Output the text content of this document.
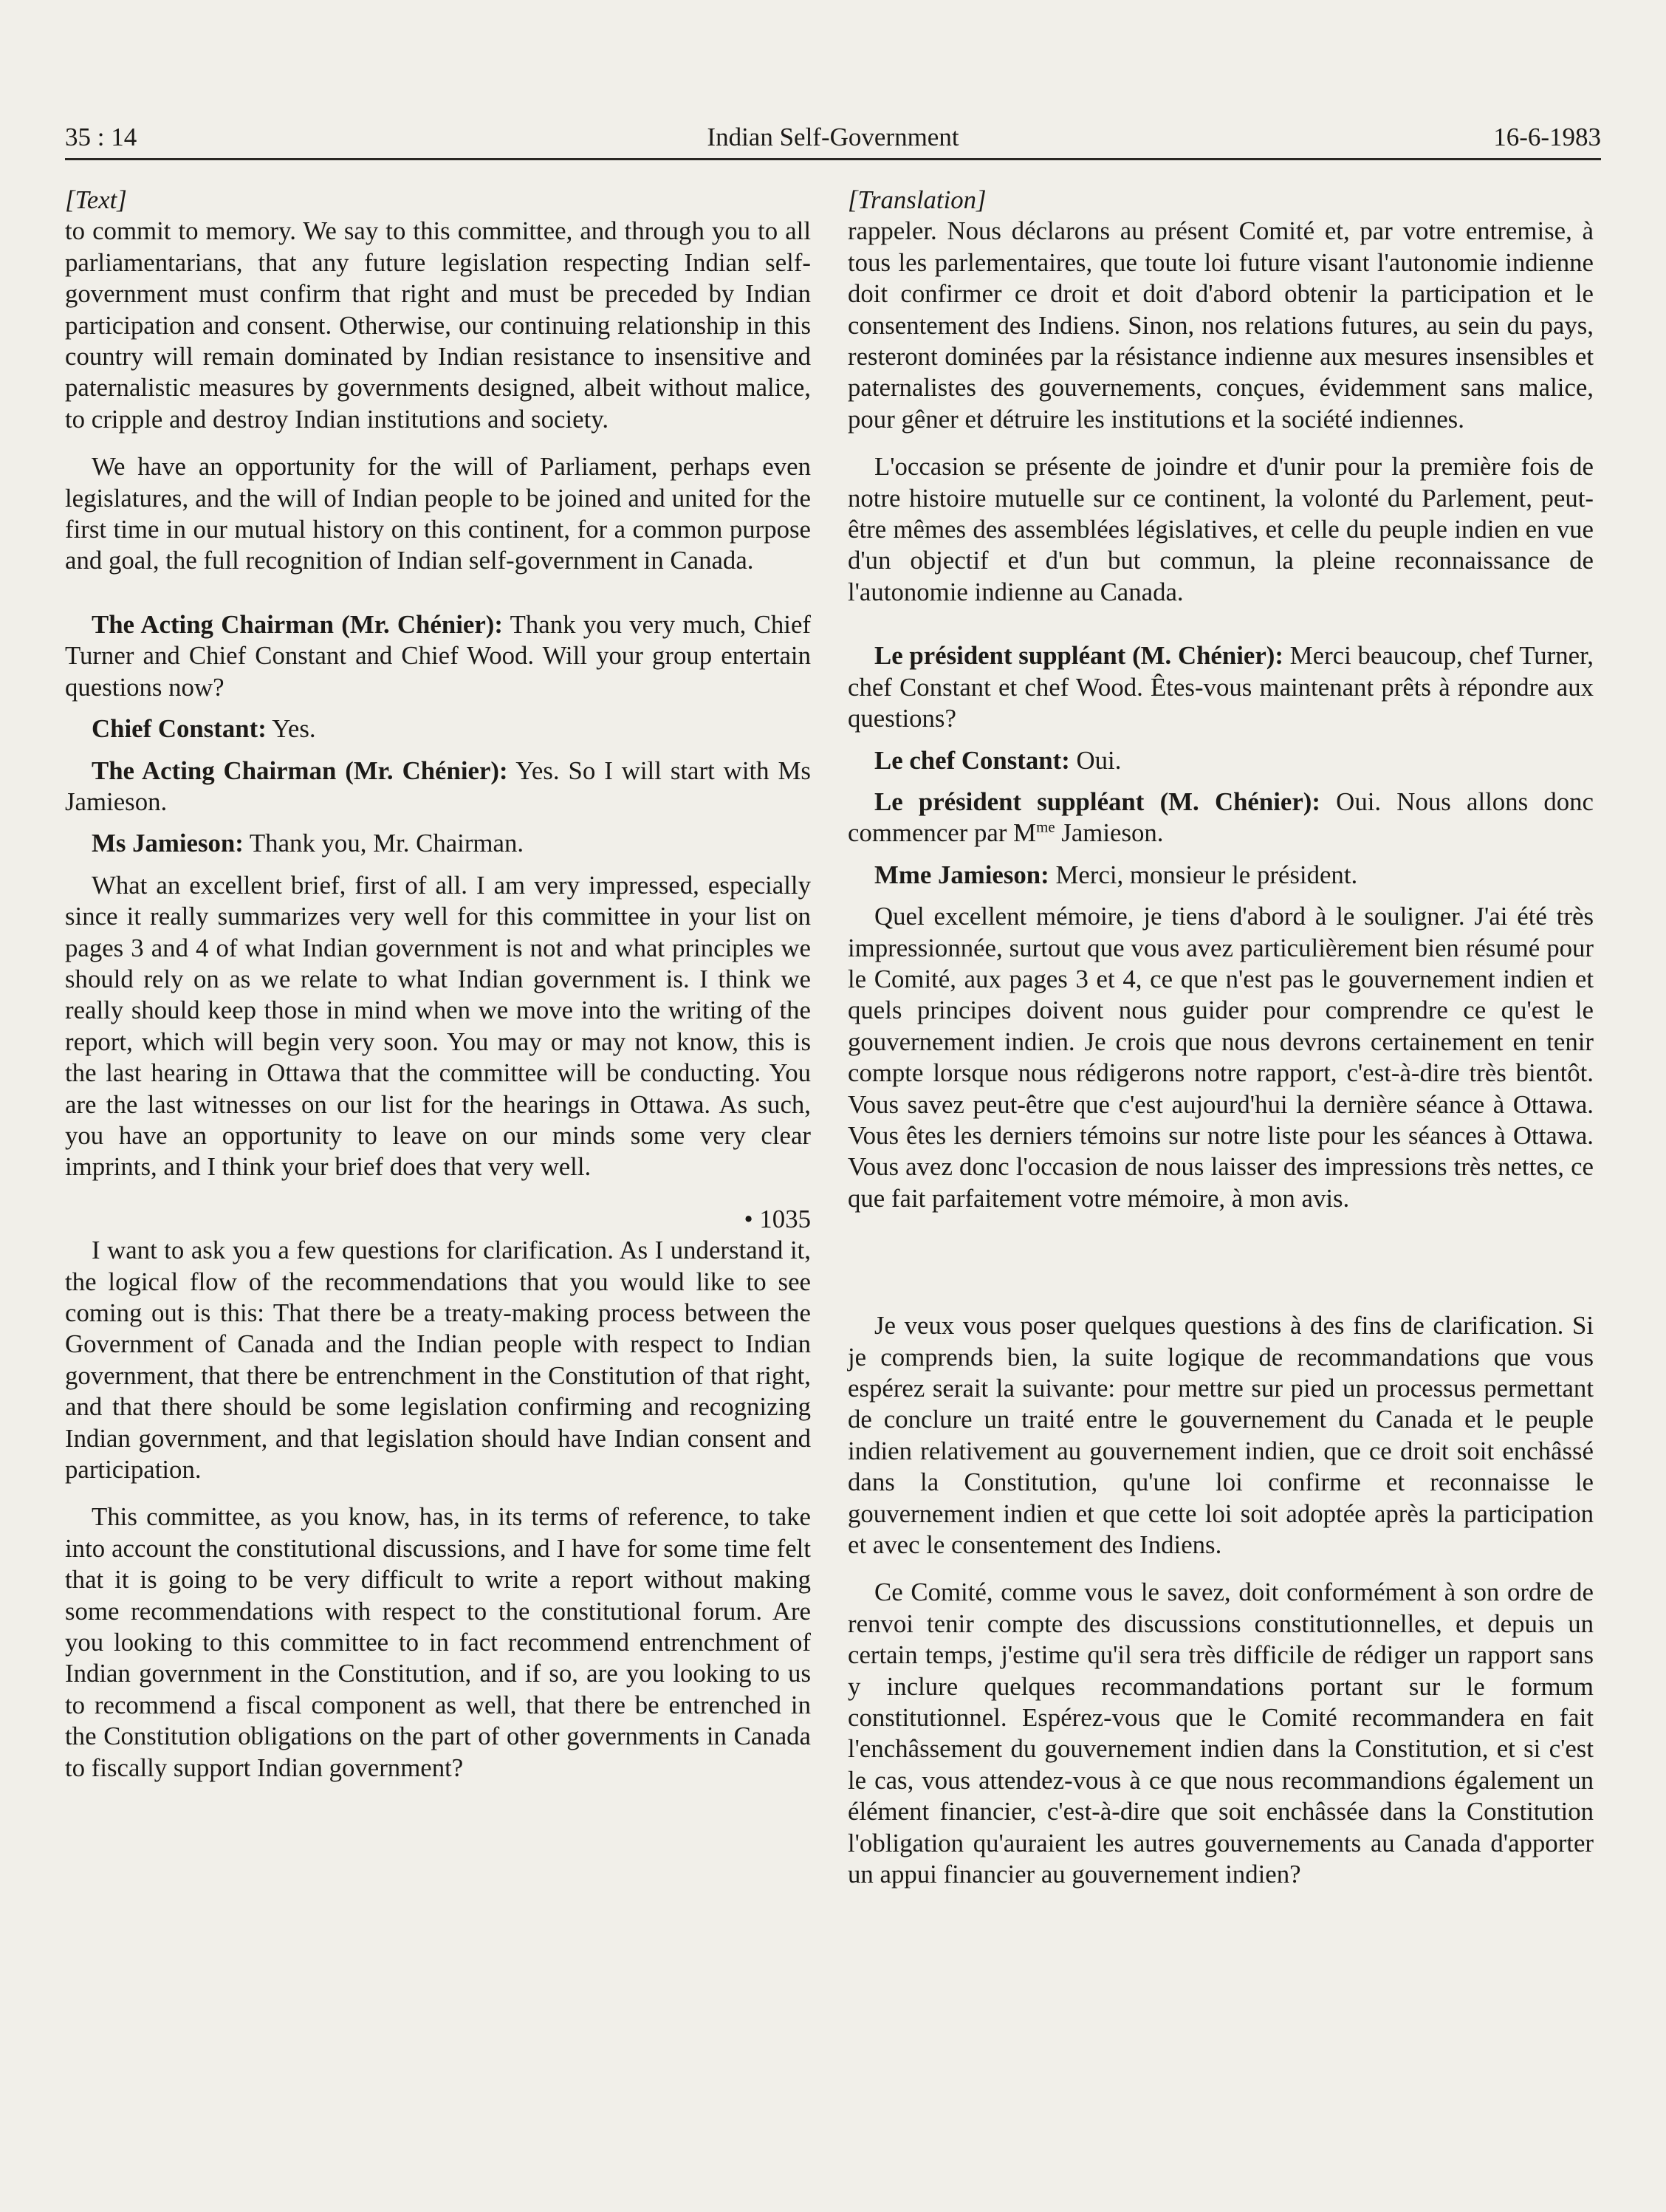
35 : 14	Indian Self-Government	16-6-1983

[Text]

to commit to memory. We say to this committee, and through you to all parliamentarians, that any future legislation respecting Indian self-government must confirm that right and must be preceded by Indian participation and consent. Otherwise, our continuing relationship in this country will remain dominated by Indian resistance to insensitive and paternalistic measures by governments designed, albeit without malice, to cripple and destroy Indian institutions and society.

We have an opportunity for the will of Parliament, perhaps even legislatures, and the will of Indian people to be joined and united for the first time in our mutual history on this continent, for a common purpose and goal, the full recognition of Indian self-government in Canada.

The Acting Chairman (Mr. Chénier): Thank you very much, Chief Turner and Chief Constant and Chief Wood. Will your group entertain questions now?

Chief Constant: Yes.

The Acting Chairman (Mr. Chénier): Yes. So I will start with Ms Jamieson.

Ms Jamieson: Thank you, Mr. Chairman.

What an excellent brief, first of all. I am very impressed, especially since it really summarizes very well for this committee in your list on pages 3 and 4 of what Indian government is not and what principles we should rely on as we relate to what Indian government is. I think we really should keep those in mind when we move into the writing of the report, which will begin very soon. You may or may not know, this is the last hearing in Ottawa that the committee will be conducting. You are the last witnesses on our list for the hearings in Ottawa. As such, you have an opportunity to leave on our minds some very clear imprints, and I think your brief does that very well.

• 1035

I want to ask you a few questions for clarification. As I understand it, the logical flow of the recommendations that you would like to see coming out is this: That there be a treaty-making process between the Government of Canada and the Indian people with respect to Indian government, that there be entrenchment in the Constitution of that right, and that there should be some legislation confirming and recognizing Indian government, and that legislation should have Indian consent and participation.

This committee, as you know, has, in its terms of reference, to take into account the constitutional discussions, and I have for some time felt that it is going to be very difficult to write a report without making some recommendations with respect to the constitutional forum. Are you looking to this committee to in fact recommend entrenchment of Indian government in the Constitution, and if so, are you looking to us to recommend a fiscal component as well, that there be entrenched in the Constitution obligations on the part of other governments in Canada to fiscally support Indian government?

[Translation]

rappeler. Nous déclarons au présent Comité et, par votre entremise, à tous les parlementaires, que toute loi future visant l'autonomie indienne doit confirmer ce droit et doit d'abord obtenir la participation et le consentement des Indiens. Sinon, nos relations futures, au sein du pays, resteront dominées par la résistance indienne aux mesures insensibles et paternalistes des gouvernements, conçues, évidemment sans malice, pour gêner et détruire les institutions et la société indiennes.

L'occasion se présente de joindre et d'unir pour la première fois de notre histoire mutuelle sur ce continent, la volonté du Parlement, peut-être mêmes des assemblées législatives, et celle du peuple indien en vue d'un objectif et d'un but commun, la pleine reconnaissance de l'autonomie indienne au Canada.

Le président suppléant (M. Chénier): Merci beaucoup, chef Turner, chef Constant et chef Wood. Êtes-vous maintenant prêts à répondre aux questions?

Le chef Constant: Oui.

Le président suppléant (M. Chénier): Oui. Nous allons donc commencer par $M^{me}$ Jamieson.

Mme Jamieson: Merci, monsieur le président.

Quel excellent mémoire, je tiens d'abord à le souligner. J'ai été très impressionnée, surtout que vous avez particulièrement bien résumé pour le Comité, aux pages 3 et 4, ce que n'est pas le gouvernement indien et quels principes doivent nous guider pour comprendre ce qu'est le gouvernement indien. Je crois que nous devrons certainement en tenir compte lorsque nous rédigerons notre rapport, c'est-à-dire très bientôt. Vous savez peut-être que c'est aujourd'hui la dernière séance à Ottawa. Vous êtes les derniers témoins sur notre liste pour les séances à Ottawa. Vous avez donc l'occasion de nous laisser des impressions très nettes, ce que fait parfaitement votre mémoire, à mon avis.

Je veux vous poser quelques questions à des fins de clarification. Si je comprends bien, la suite logique de recommandations que vous espérez serait la suivante: pour mettre sur pied un processus permettant de conclure un traité entre le gouvernement du Canada et le peuple indien relativement au gouvernement indien, que ce droit soit enchâssé dans la Constitution, qu'une loi confirme et reconnaisse le gouvernement indien et que cette loi soit adoptée après la participation et avec le consentement des Indiens.

Ce Comité, comme vous le savez, doit conformément à son ordre de renvoi tenir compte des discussions constitutionnelles, et depuis un certain temps, j'estime qu'il sera très difficile de rédiger un rapport sans y inclure quelques recommandations portant sur le formum constitutionnel. Espérez-vous que le Comité recommandera en fait l'enchâssement du gouvernement indien dans la Constitution, et si c'est le cas, vous attendez-vous à ce que nous recommandions également un élément financier, c'est-à-dire que soit enchâssée dans la Constitution l'obligation qu'auraient les autres gouvernements au Canada d'apporter un appui financier au gouvernement indien?
